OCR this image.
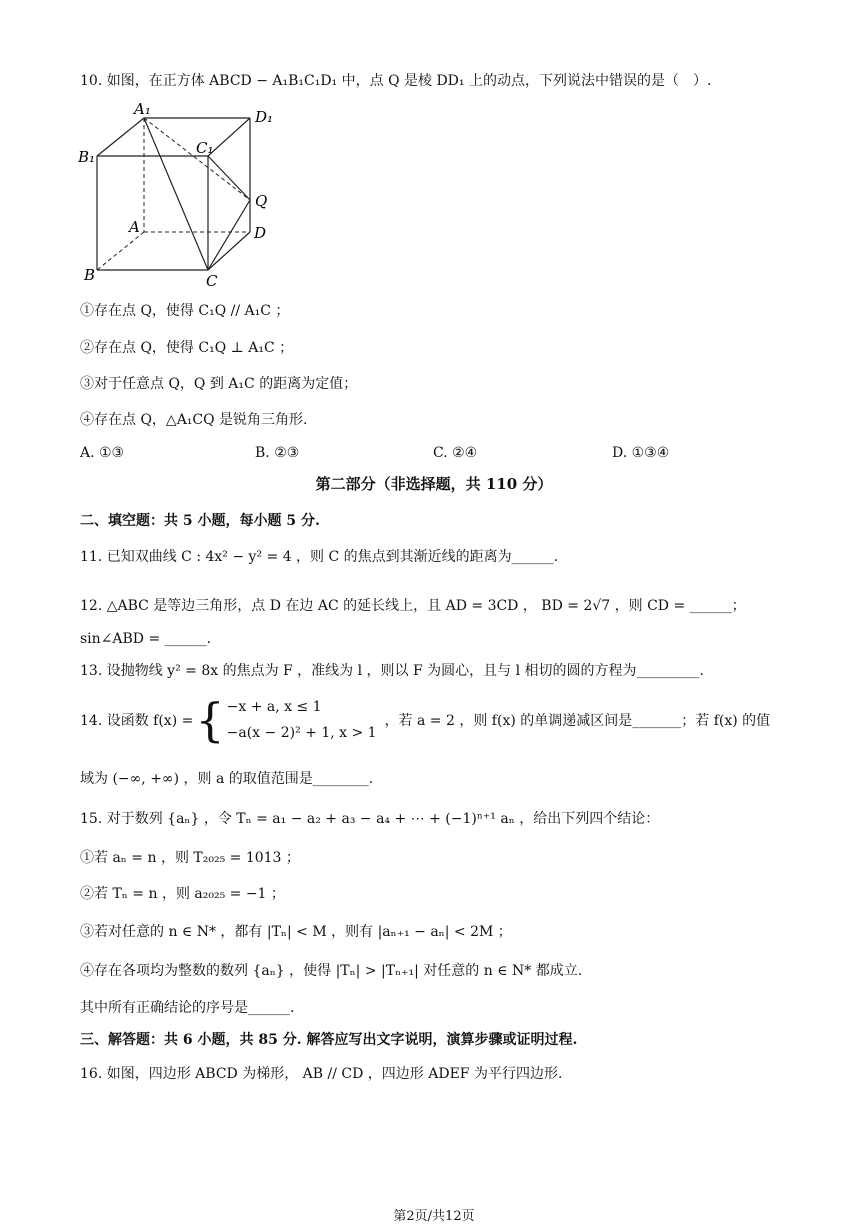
10. 如图，在正方体 ABCD − A₁B₁C₁D₁ 中，点 Q 是棱 DD₁ 上的动点，下列说法中错误的是（　）.
A₁	D₁
B₁	C₁
Q
A	D
B	C
①存在点 Q，使得 C₁Q // A₁C ；
②存在点 Q，使得 C₁Q ⊥ A₁C ；
③对于任意点 Q，Q 到 A₁C 的距离为定值；
④存在点 Q，△A₁CQ 是锐角三角形.
A. ①③	B. ②③	C. ②④	D. ①③④
第二部分（非选择题，共 110 分）
二、填空题：共 5 小题，每小题 5 分.
11. 已知双曲线 C : 4x² − y² = 4 ，则 C 的焦点到其渐近线的距离为______.
12. △ABC 是等边三角形，点 D 在边 AC 的延长线上，且 AD = 3CD ， BD = 2√7 ，则 CD = ______；
sin∠ABD = ______.
13. 设抛物线 y² = 8x 的焦点为 F ，准线为 l ，则以 F 为圆心，且与 l 相切的圆的方程为_________.
14. 设函数 f(x) = { −x + a, x ≤ 1
−a(x − 2)² + 1, x > 1
，若 a = 2 ，则 f(x) 的单调递减区间是_______；若 f(x) 的值
域为 (−∞, +∞) ，则 a 的取值范围是________.
15. 对于数列 {aₙ} ，令 Tₙ = a₁ − a₂ + a₃ − a₄ + ⋯ + (−1)ⁿ⁺¹ aₙ ，给出下列四个结论：
①若 aₙ = n ，则 T₂₀₂₅ = 1013 ；
②若 Tₙ = n ，则 a₂₀₂₅ = −1 ；
③若对任意的 n ∈ N* ，都有 |Tₙ| < M ，则有 |aₙ₊₁ − aₙ| < 2M ；
④存在各项均为整数的数列 {aₙ} ，使得 |Tₙ| > |Tₙ₊₁| 对任意的 n ∈ N* 都成立.
其中所有正确结论的序号是______.
三、解答题：共 6 小题，共 85 分. 解答应写出文字说明，演算步骤或证明过程.
16. 如图，四边形 ABCD 为梯形， AB // CD ，四边形 ADEF 为平行四边形.
第2页/共12页
